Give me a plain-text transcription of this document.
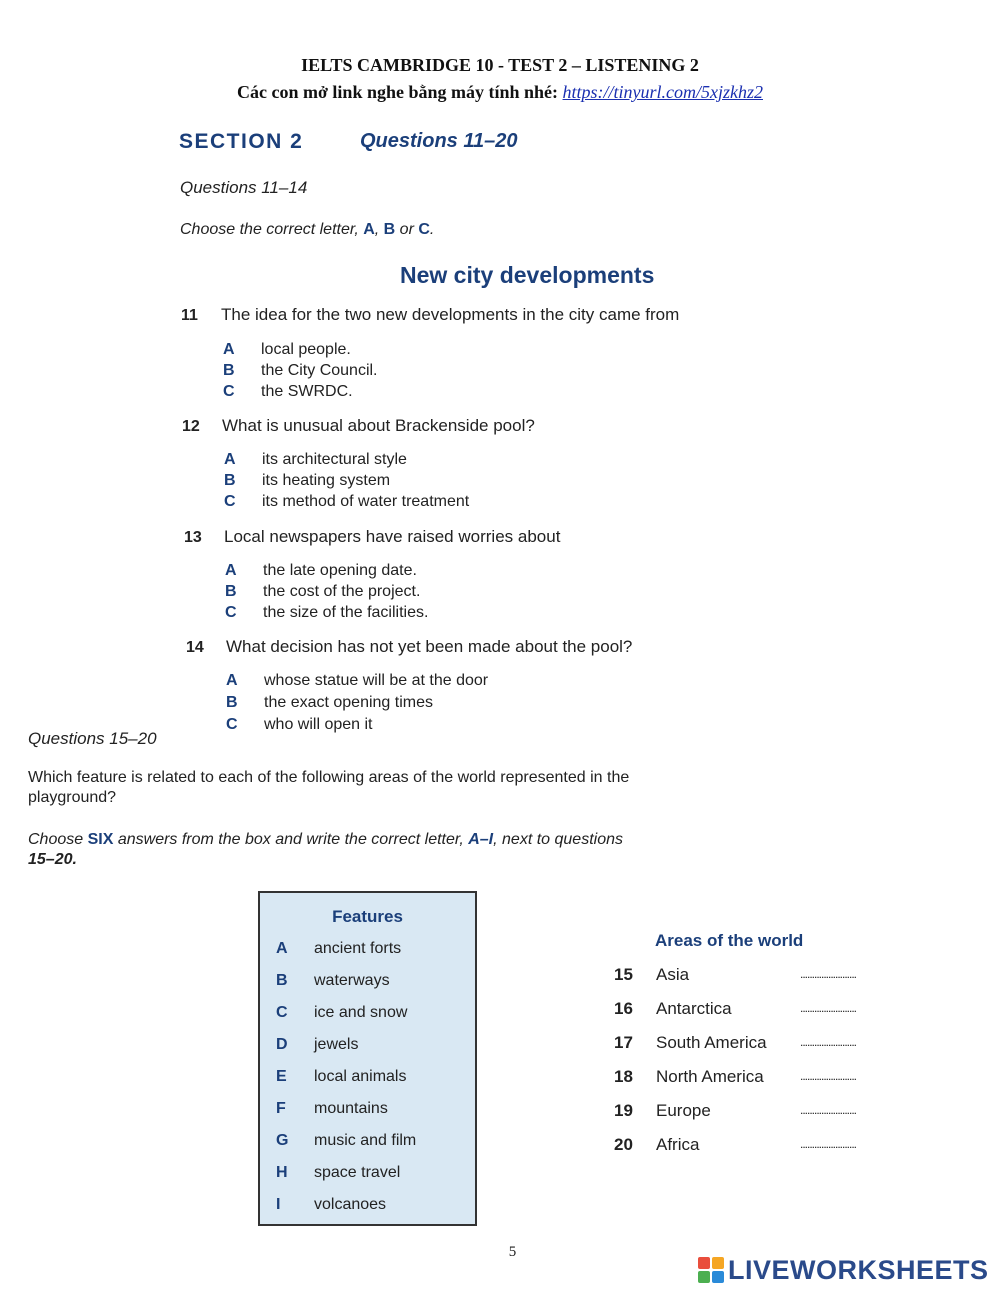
IELTS CAMBRIDGE 10 - TEST 2 – LISTENING 2
Các con mở link nghe bằng máy tính nhé: https://tinyurl.com/5xjzkhz2
SECTION 2	Questions 11–20
Questions 11–14
Choose the correct letter, A, B or C.
New city developments
11 The idea for the two new developments in the city came from
A local people.
B the City Council.
C the SWRDC.
12 What is unusual about Brackenside pool?
A its architectural style
B its heating system
C its method of water treatment
13 Local newspapers have raised worries about
A the late opening date.
B the cost of the project.
C the size of the facilities.
14 What decision has not yet been made about the pool?
A whose statue will be at the door
B the exact opening times
C who will open it
Questions 15–20
Which feature is related to each of the following areas of the world represented in the playground?
Choose SIX answers from the box and write the correct letter, A–I, next to questions
15–20.
Features
A ancient forts
B waterways
C ice and snow
D jewels
E local animals
F mountains
G music and film
H space travel
I volcanoes
Areas of the world
15 Asia	........................
16 Antarctica	........................
17 South America	........................
18 North America	........................
19 Europe	........................
20 Africa	........................
5
LIVEWORKSHEETS
